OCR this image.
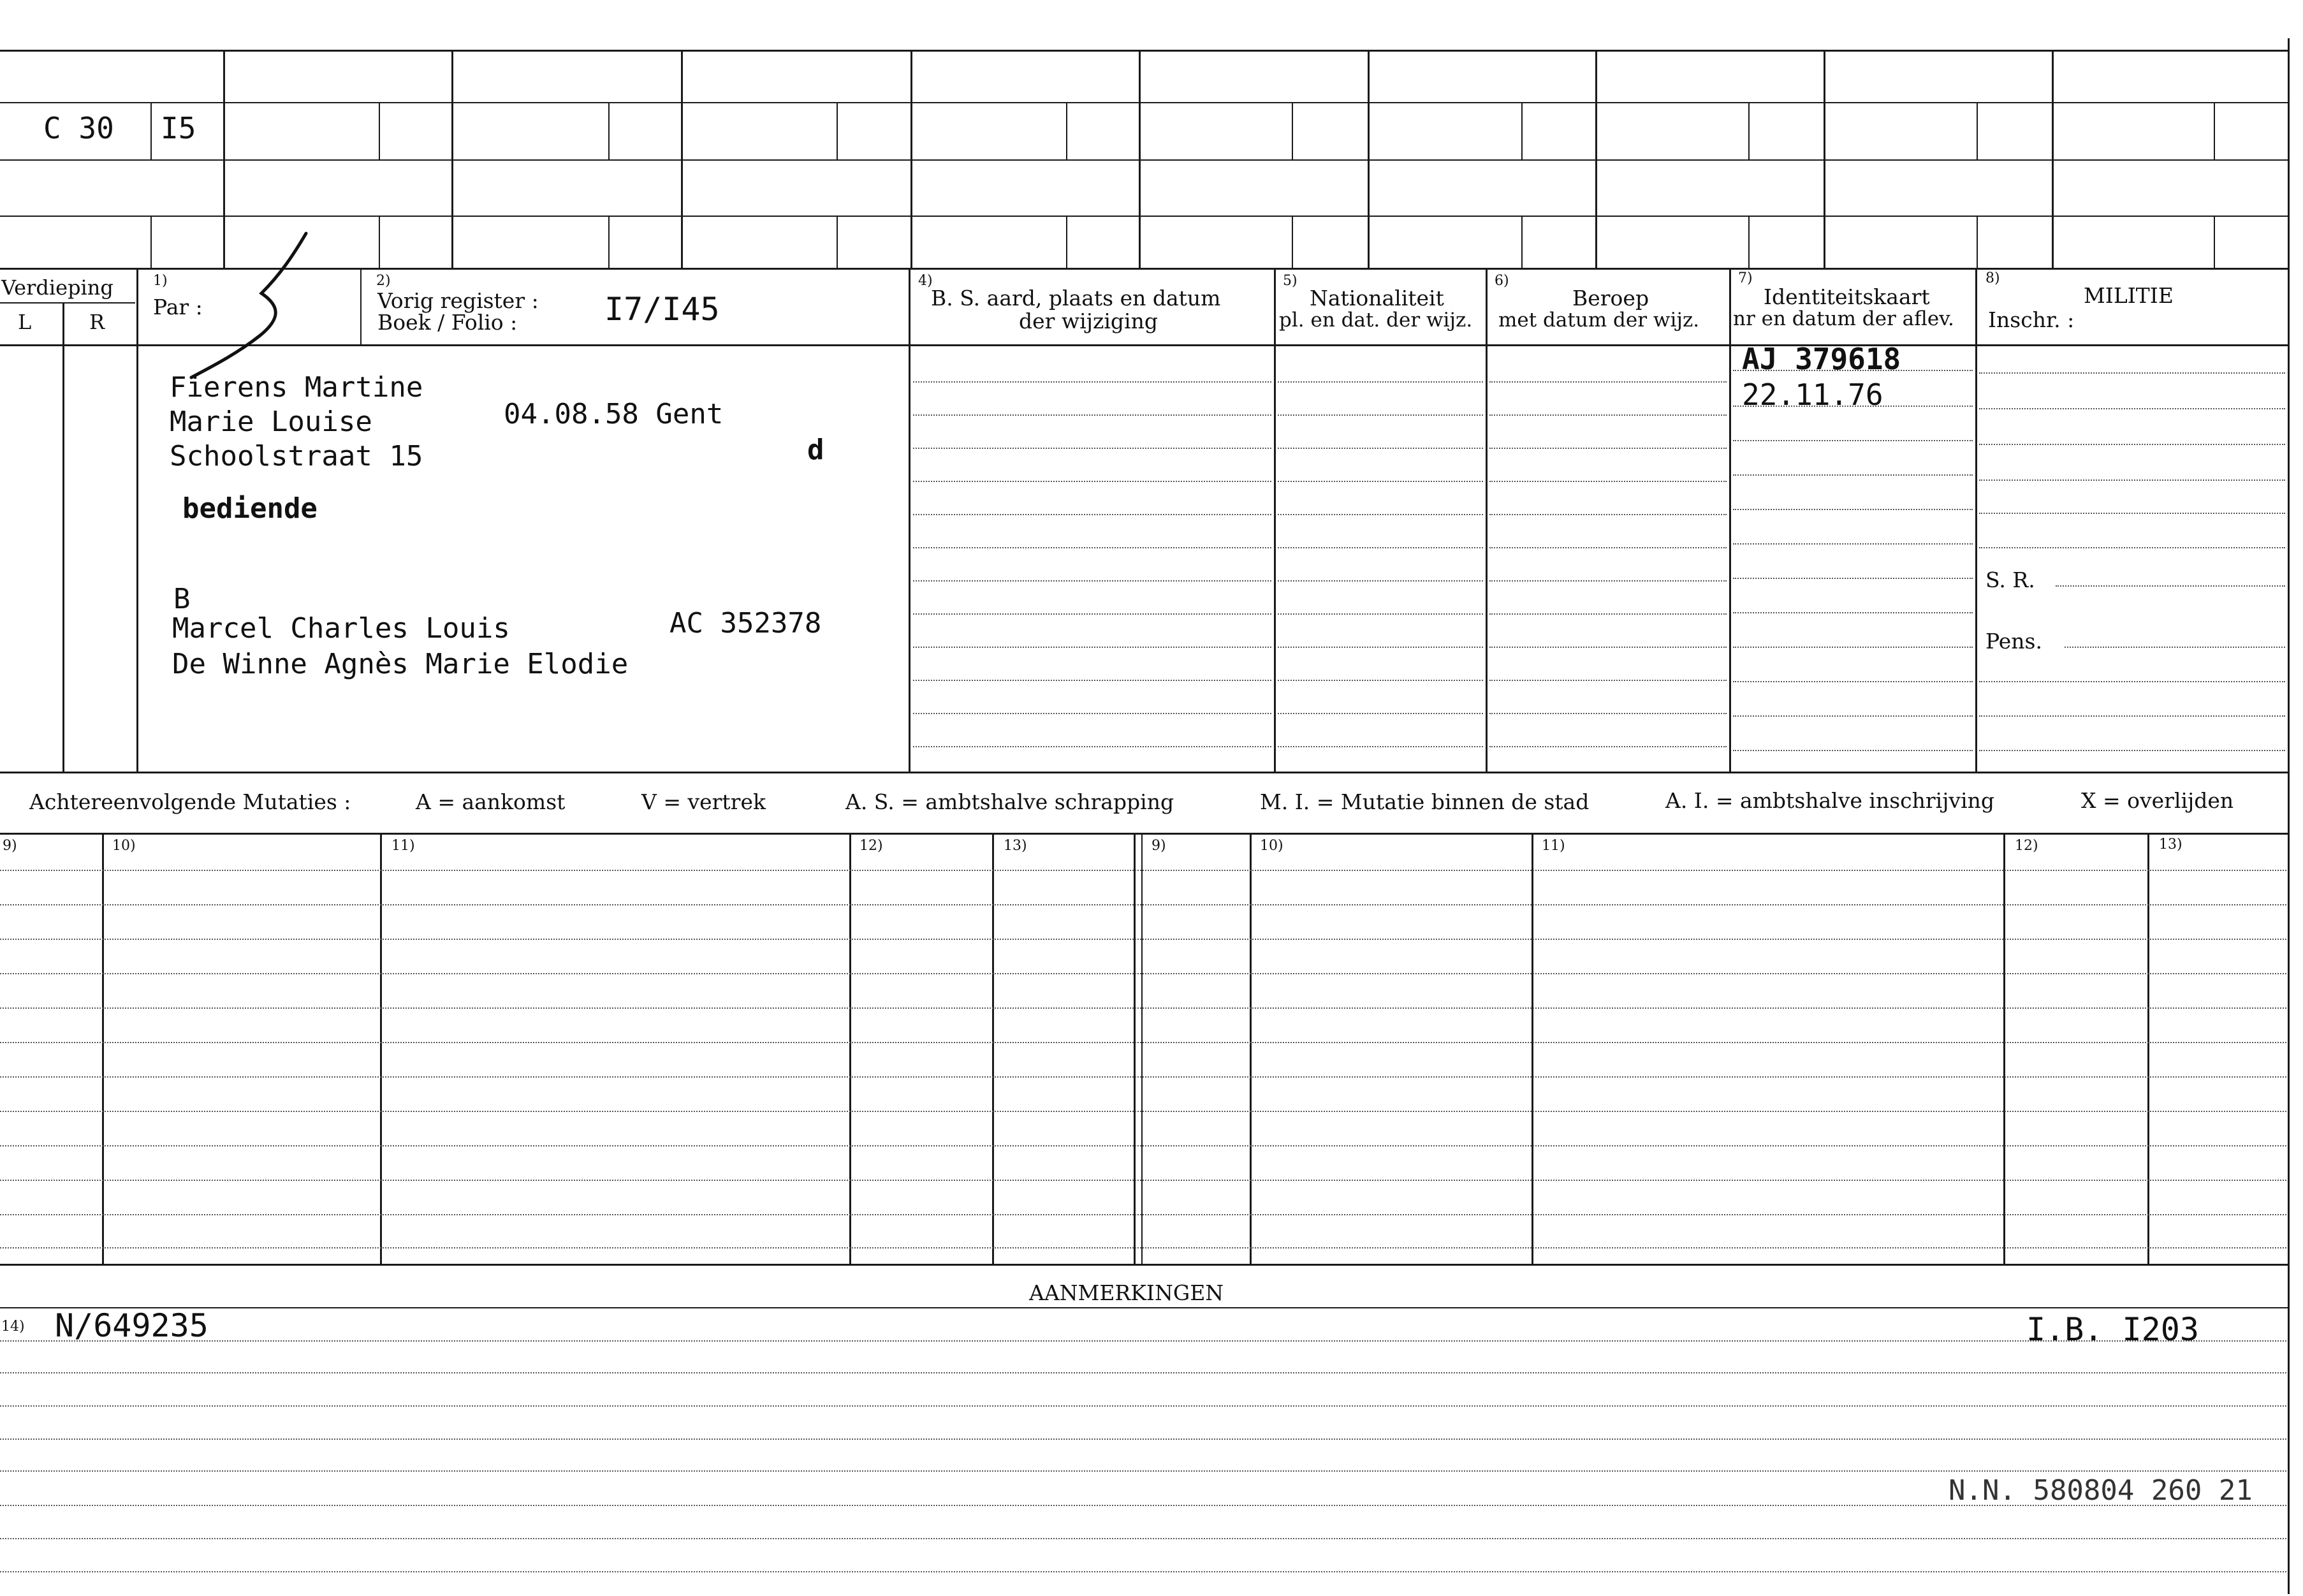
C 30 I5
Verdieping
L	R
1)
Par :
2)
Vorig register :
Boek / Folio :	I7/I45
4)
B. S. aard, plaats en datum
der wijziging
5)
Nationaliteit
pl. en dat. der wijz.
6)
Beroep
met datum der wijz.
7)
Identiteitskaart
nr en datum der aflev.
8)
MILITIE
Inschr. :
S. R.
Pens.
Fierens Martine
Marie Louise	04.08.58 Gent
Schoolstraat 15	d
bediende
B
Marcel Charles Louis	AC 352378
De Winne Agnès Marie Elodie
AJ 379618
22.11.76
Achtereenvolgende Mutaties :	A = aankomst	V = vertrek	A. S. = ambtshalve schrapping	M. I. = Mutatie binnen de stad	A. I. = ambtshalve inschrijving	X = overlijden
9)	10)	11)	12)	13)	9)	10)	11)	12)	13)
AANMERKINGEN
14) N/649235	I.B. I203
N.N. 580804 260 21
